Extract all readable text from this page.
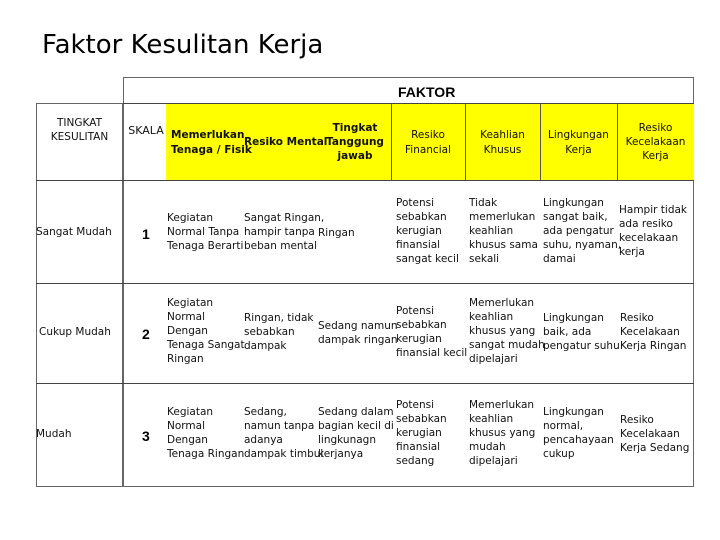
Faktor Kesulitan Kerja
FAKTOR
TINGKAT
KESULITAN	SKALA Memerlukan
Tenaga / Fisik
Resiko Mental
Tingkat
Tanggung
jawab
Resiko
Financial
Keahlian
Khusus
Lingkungan
Kerja
Resiko
Kecelakaan
Kerja
Sangat Mudah 1
Kegiatan
Normal Tanpa
Tenaga Berarti
Sangat Ringan,
hampir tanpa
beban mental
Ringan
Potensi
sebabkan
kerugian
finansial
sangat kecil
Tidak
memerlukan
keahlian
khusus sama
sekali
Lingkungan
sangat baik,
ada pengatur
suhu, nyaman,
damai
Hampir tidak
ada resiko
kecelakaan
kerja
Cukup Mudah 2
Kegiatan
Normal
Dengan
Tenaga Sangat
Ringan
Ringan, tidak
sebabkan
dampak
Sedang namun
dampak ringan
Potensi
sebabkan
kerugian
finansial kecil
Memerlukan
keahlian
khusus yang
sangat mudah
dipelajari
Lingkungan
baik, ada
pengatur suhu
Resiko
Kecelakaan
Kerja Ringan
Mudah	3
Kegiatan
Normal
Dengan
Tenaga Ringan
Sedang,
namun tanpa
adanya
dampak timbul
Sedang dalam
bagian kecil di
lingkunagn
kerjanya
Potensi
sebabkan
kerugian
finansial
sedang
Memerlukan
keahlian
khusus yang
mudah
dipelajari
Lingkungan
normal,
pencahayaan
cukup
Resiko
Kecelakaan
Kerja Sedang
